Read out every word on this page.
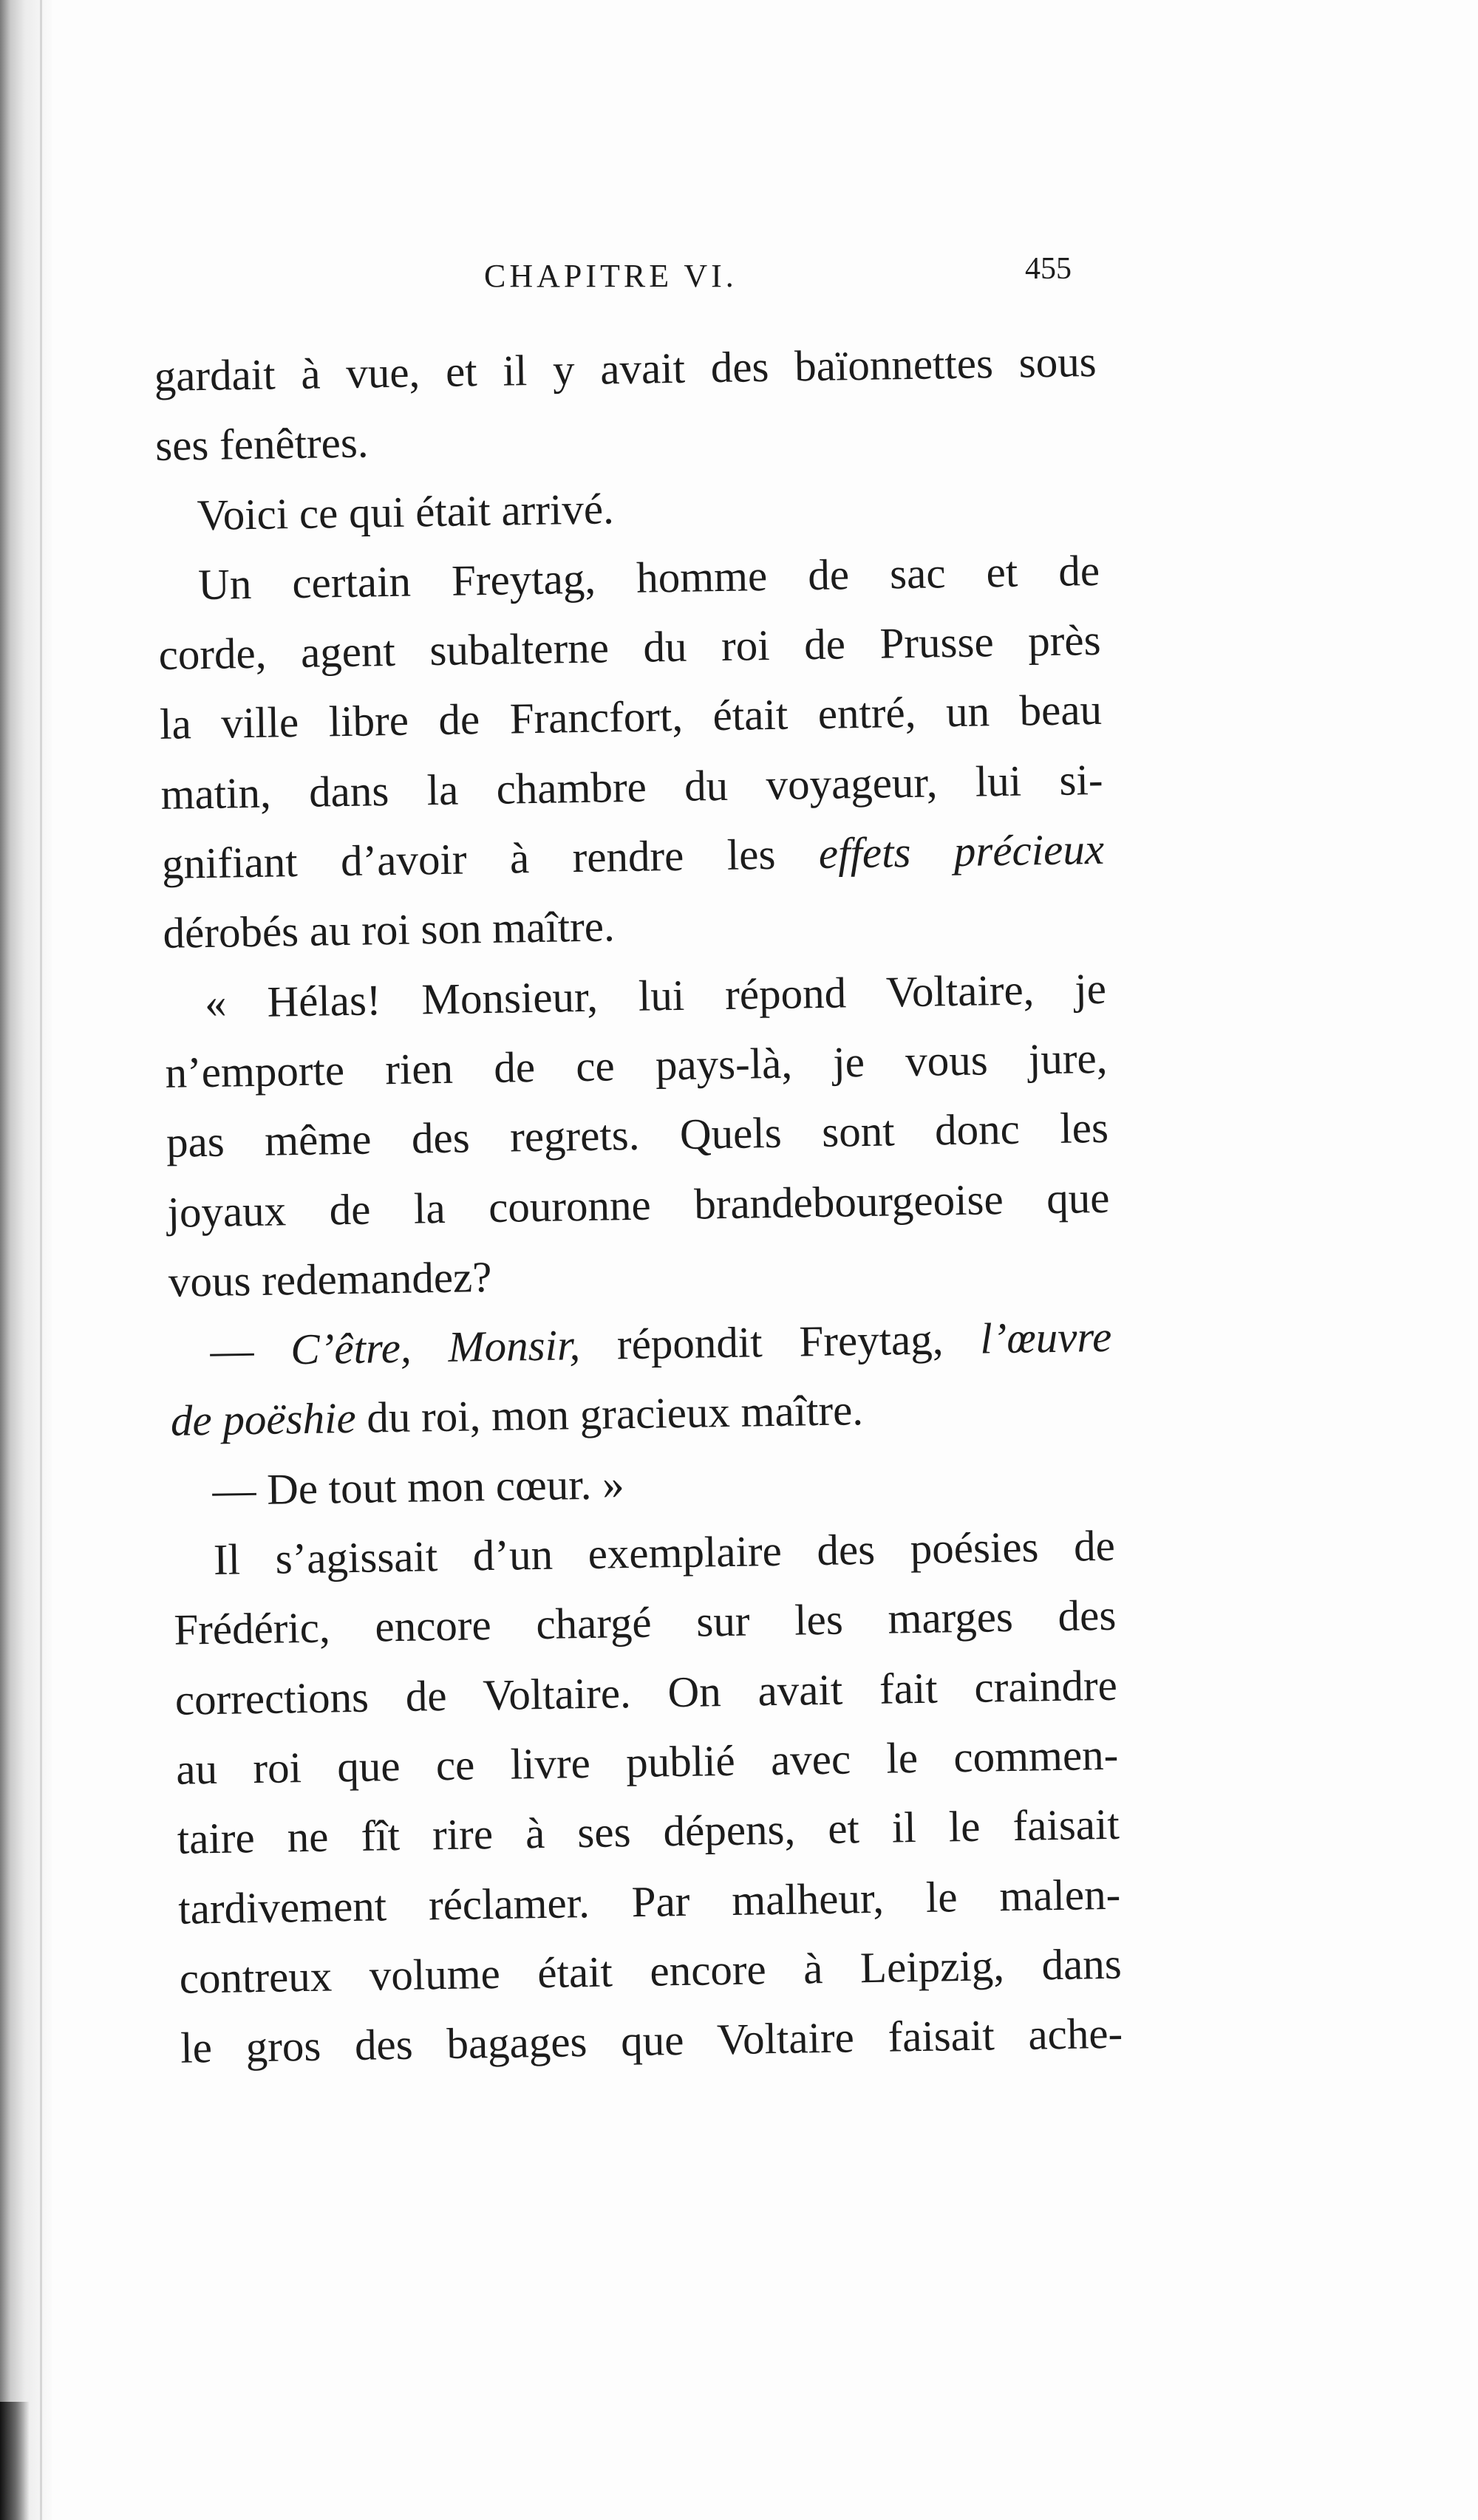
CHAPITRE VI.	455
gardait à vue, et il y avait des baïonnettes sous
ses fenêtres.
Voici ce qui était arrivé.
Un certain Freytag, homme de sac et de
corde, agent subalterne du roi de Prusse près
la ville libre de Francfort, était entré, un beau
matin, dans la chambre du voyageur, lui si-
gnifiant d’avoir à rendre les effets précieux
dérobés au roi son maître.
« Hélas! Monsieur, lui répond Voltaire, je
n’emporte rien de ce pays-là, je vous jure,
pas même des regrets. Quels sont donc les
joyaux de la couronne brandebourgeoise que
vous redemandez?
— C’être, Monsir, répondit Freytag, l’œuvre
de poëshie du roi, mon gracieux maître.
— De tout mon cœur. »
Il s’agissait d’un exemplaire des poésies de
Frédéric, encore chargé sur les marges des
corrections de Voltaire. On avait fait craindre
au roi que ce livre publié avec le commen-
taire ne fît rire à ses dépens, et il le faisait
tardivement réclamer. Par malheur, le malen-
contreux volume était encore à Leipzig, dans
le gros des bagages que Voltaire faisait ache-
